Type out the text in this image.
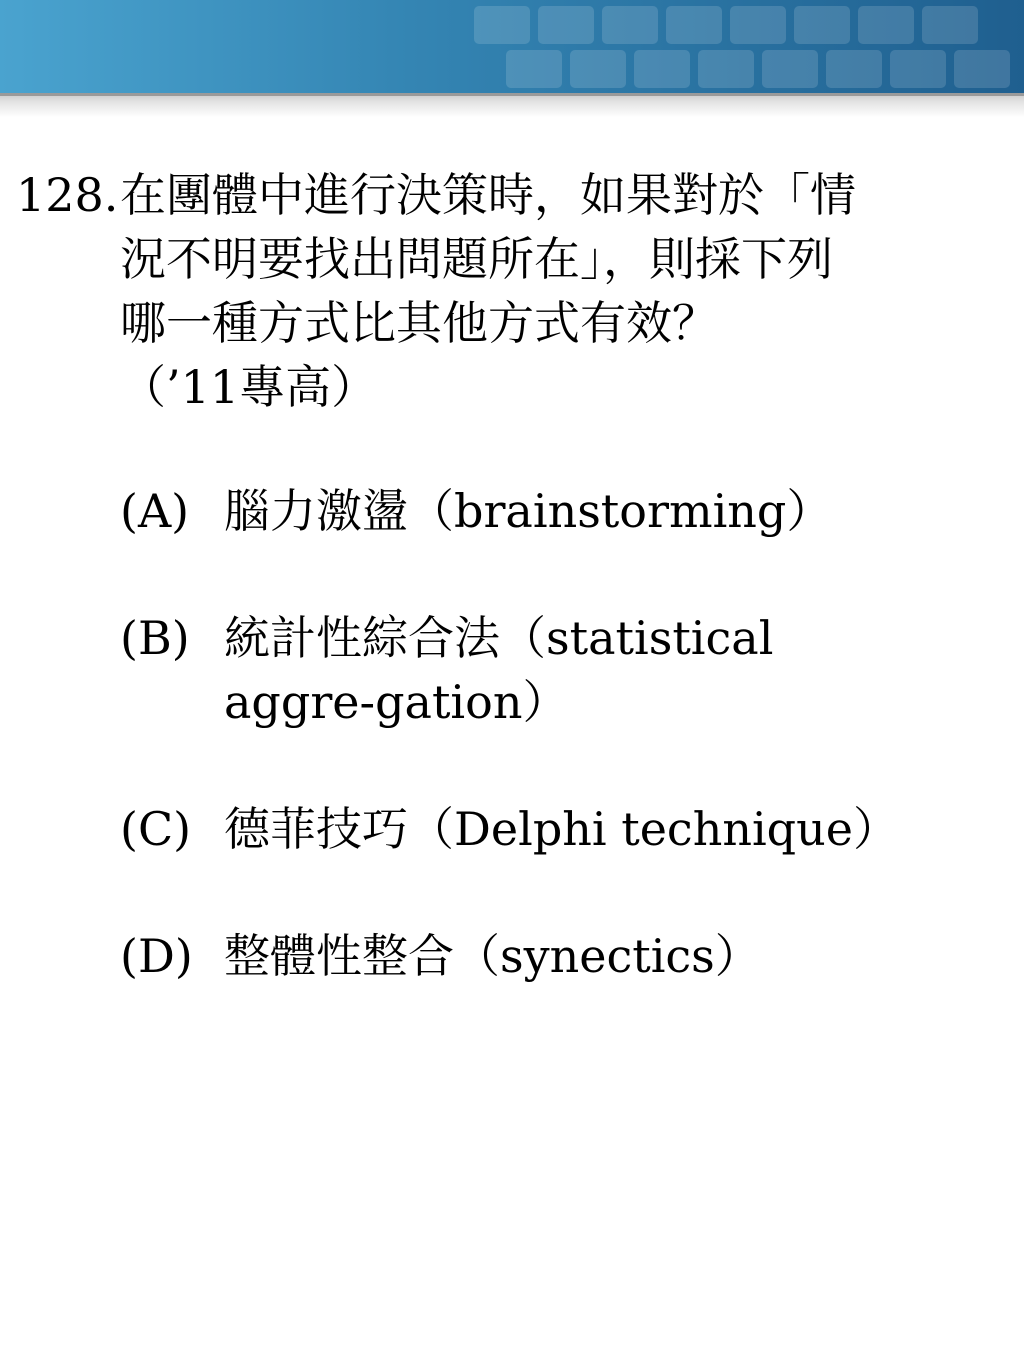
128. 在團體中進行決策時，如果對於「情
況不明要找出問題所在」，則採下列
哪一種方式比其他方式有效？
（’11專高）
(A) 腦力激盪（brainstorming）
(B) 統計性綜合法（statistical
aggre-gation）
(C) 德菲技巧（Delphi technique）
(D) 整體性整合（synectics）
